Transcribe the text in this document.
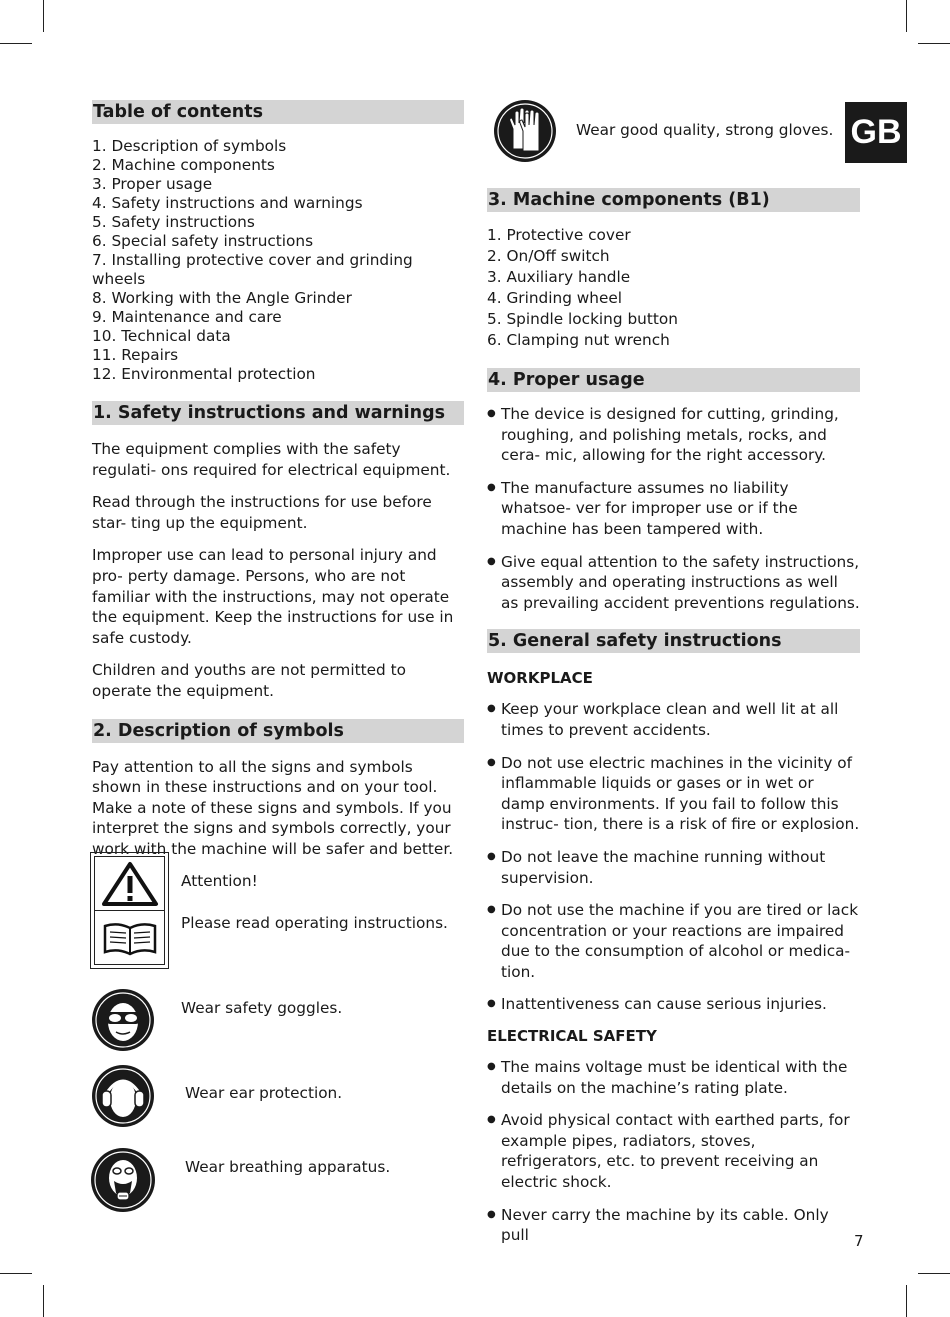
GB
Table of contents
1. Description of symbols
2. Machine components
3. Proper usage
4. Safety instructions and warnings
5. Safety instructions
6. Special safety instructions
7. Installing protective cover and grinding wheels
8. Working with the Angle Grinder
9. Maintenance and care
10. Technical data
11. Repairs
12. Environmental protection
1. Safety instructions and warnings
The equipment complies with the safety regulati- ons required for electrical equipment.
Read through the instructions for use before star- ting up the equipment.
Improper use can lead to personal injury and pro- perty damage. Persons, who are not familiar with the instructions, may not operate the equipment. Keep the instructions for use in safe custody.
Children and youths are not permitted to operate the equipment.
2. Description of symbols
Pay attention to all the signs and symbols shown in these instructions and on your tool. Make a note of these signs and symbols. If you interpret the signs and symbols correctly, your work with the machine will be safer and better.
Attention!
Please read operating instructions.
Wear safety goggles.
Wear ear protection.
Wear breathing apparatus.
Wear good quality, strong gloves.
3. Machine components (B1)
1. Protective cover
2. On/Off switch
3. Auxiliary handle
4. Grinding wheel
5. Spindle locking button
6. Clamping nut wrench
4. Proper usage
● The device is designed for cutting, grinding, roughing, and polishing metals, rocks, and cera- mic, allowing for the right accessory.
● The manufacture assumes no liability whatsoe- ver for improper use or if the machine has been tampered with.
● Give equal attention to the safety instructions, assembly and operating instructions as well as prevailing accident preventions regulations.
5. General safety instructions
WORKPLACE
● Keep your workplace clean and well lit at all times to prevent accidents.
● Do not use electric machines in the vicinity of inflammable liquids or gases or in wet or damp environments. If you fail to follow this instruc- tion, there is a risk of fire or explosion.
● Do not leave the machine running without supervision.
● Do not use the machine if you are tired or lack concentration or your reactions are impaired due to the consumption of alcohol or medica- tion.
● Inattentiveness can cause serious injuries.
ELECTRICAL SAFETY
● The mains voltage must be identical with the details on the machine’s rating plate.
● Avoid physical contact with earthed parts, for example pipes, radiators, stoves, refrigerators, etc. to prevent receiving an electric shock.
● Never carry the machine by its cable. Only pull	7
